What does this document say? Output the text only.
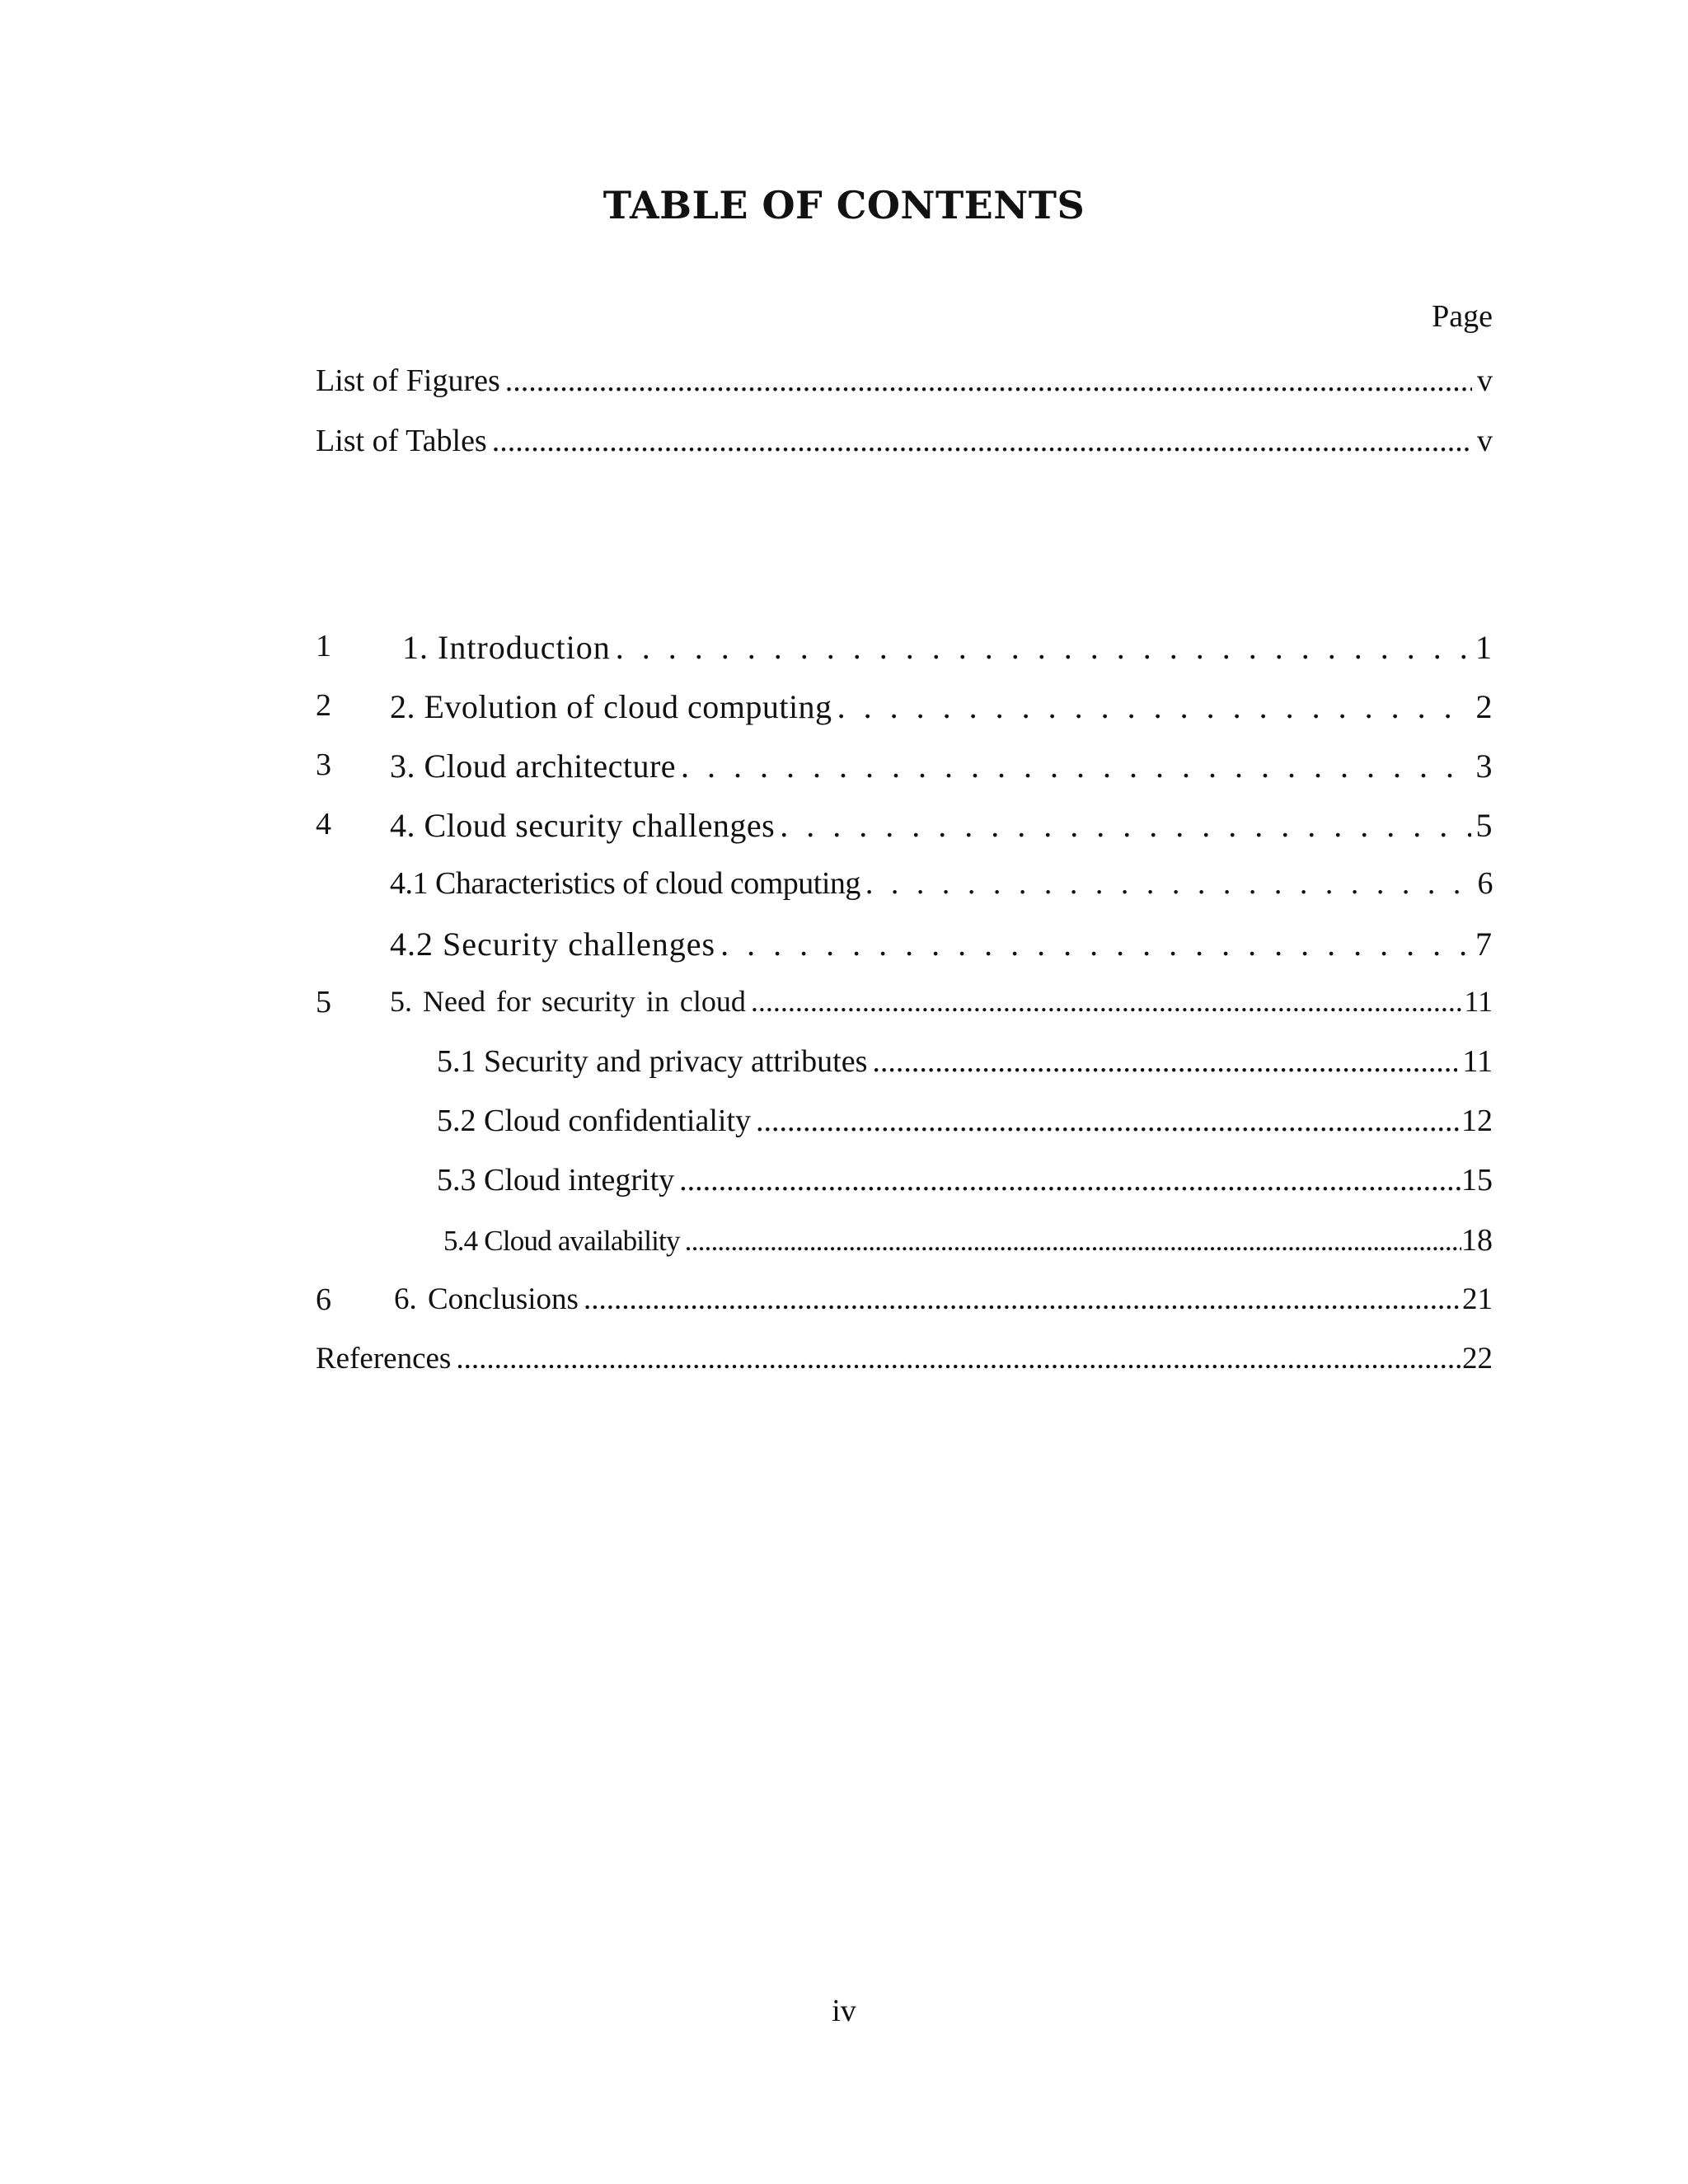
TABLE OF CONTENTS
Page
List of Figures .....	v
List of Tables .....	v
1 1. Introduction . . .	1
2 2. Evolution of cloud computing . . .	2
3 3. Cloud architecture . . .	3
4 4. Cloud security challenges . . .	5
4.1 Characteristics of cloud computing . . .	6
4.2 Security challenges . . .	7
5 5. Need for security in cloud .....	11
5.1 Security and privacy attributes .....	11
5.2 Cloud confidentiality .....	12
5.3 Cloud integrity .....	15
5.4 Cloud availability .....	18
6 6. Conclusions .....	21
References .....	22
iv
